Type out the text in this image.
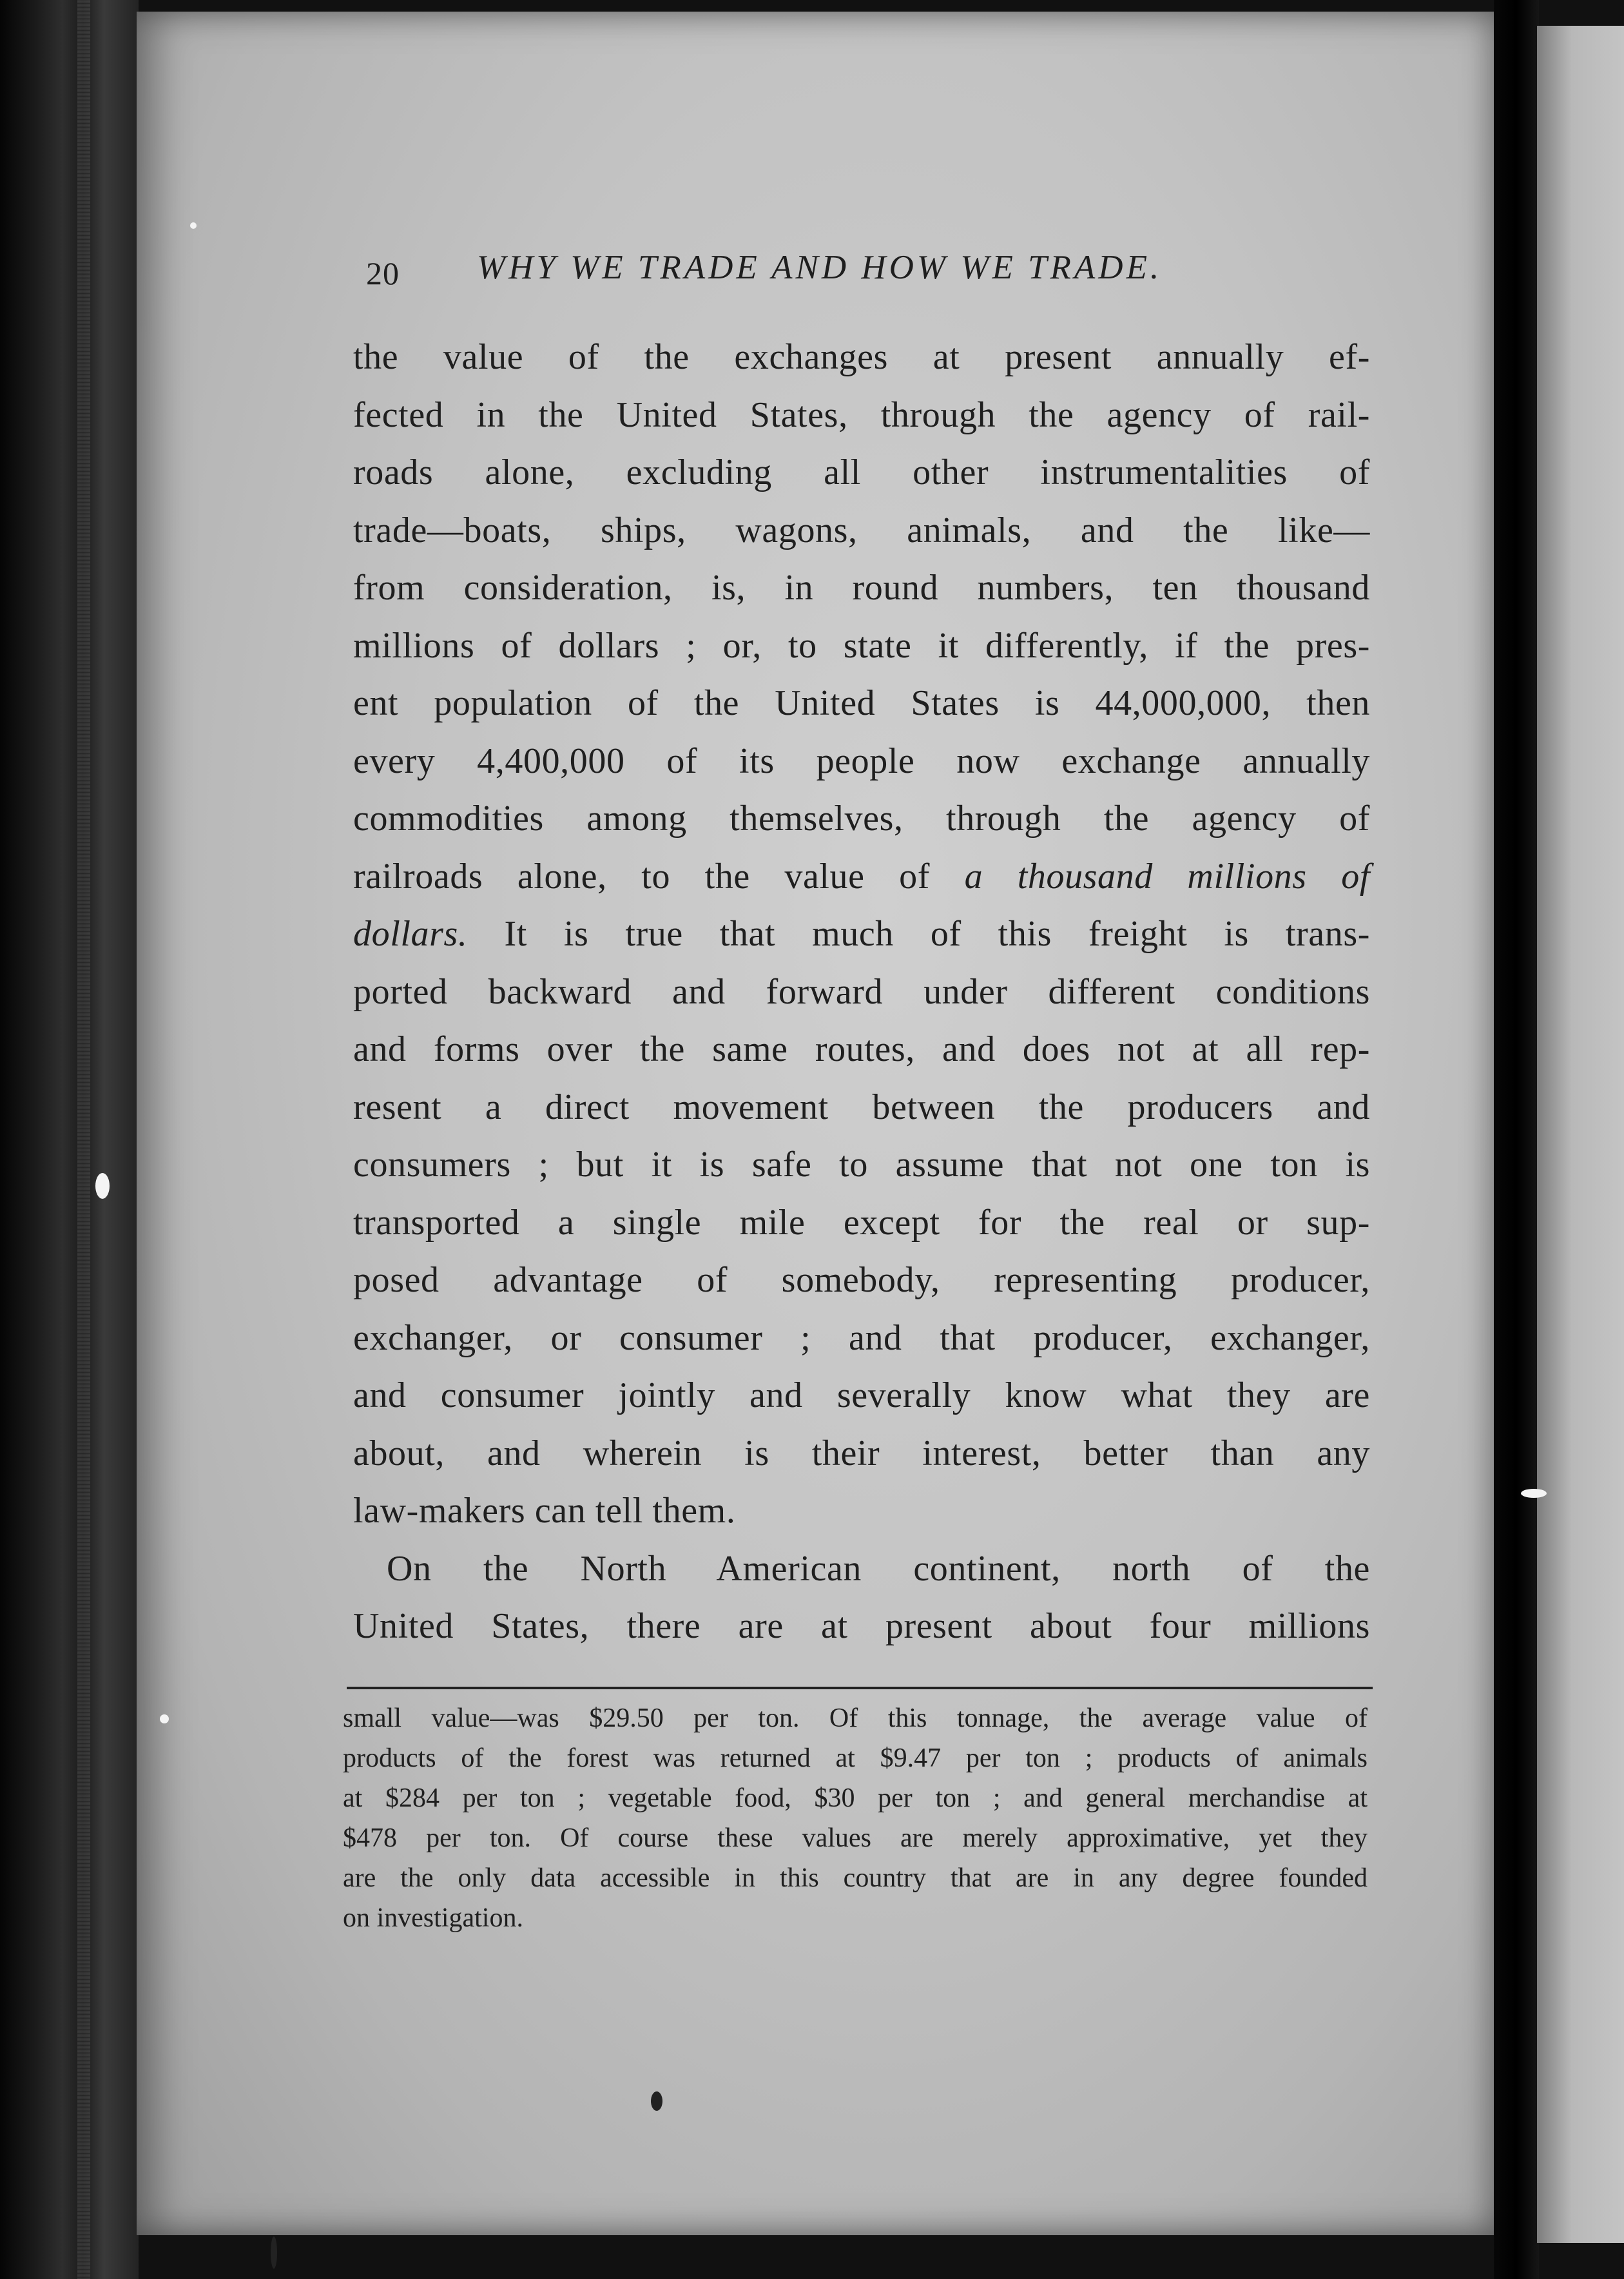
20 WHY WE TRADE AND HOW WE TRADE.
the value of the exchanges at present annually ef-
fected in the United States, through the agency of rail-
roads alone, excluding all other instrumentalities of
trade—boats, ships, wagons, animals, and the like—
from consideration, is, in round numbers, ten thousand
millions of dollars ; or, to state it differently, if the pres-
ent population of the United States is 44,000,000, then
every 4,400,000 of its people now exchange annually
commodities among themselves, through the agency of
railroads alone, to the value of a thousand millions of
dollars. It is true that much of this freight is trans-
ported backward and forward under different conditions
and forms over the same routes, and does not at all rep-
resent a direct movement between the producers and
consumers ; but it is safe to assume that not one ton is
transported a single mile except for the real or sup-
posed advantage of somebody, representing producer,
exchanger, or consumer ; and that producer, exchanger,
and consumer jointly and severally know what they are
about, and wherein is their interest, better than any
law-makers can tell them.
On the North American continent, north of the
United States, there are at present about four millions
small value—was $29.50 per ton. Of this tonnage, the average value of
products of the forest was returned at $9.47 per ton ; products of animals
at $284 per ton ; vegetable food, $30 per ton ; and general merchandise at
$478 per ton. Of course these values are merely approximative, yet they
are the only data accessible in this country that are in any degree founded
on investigation.
